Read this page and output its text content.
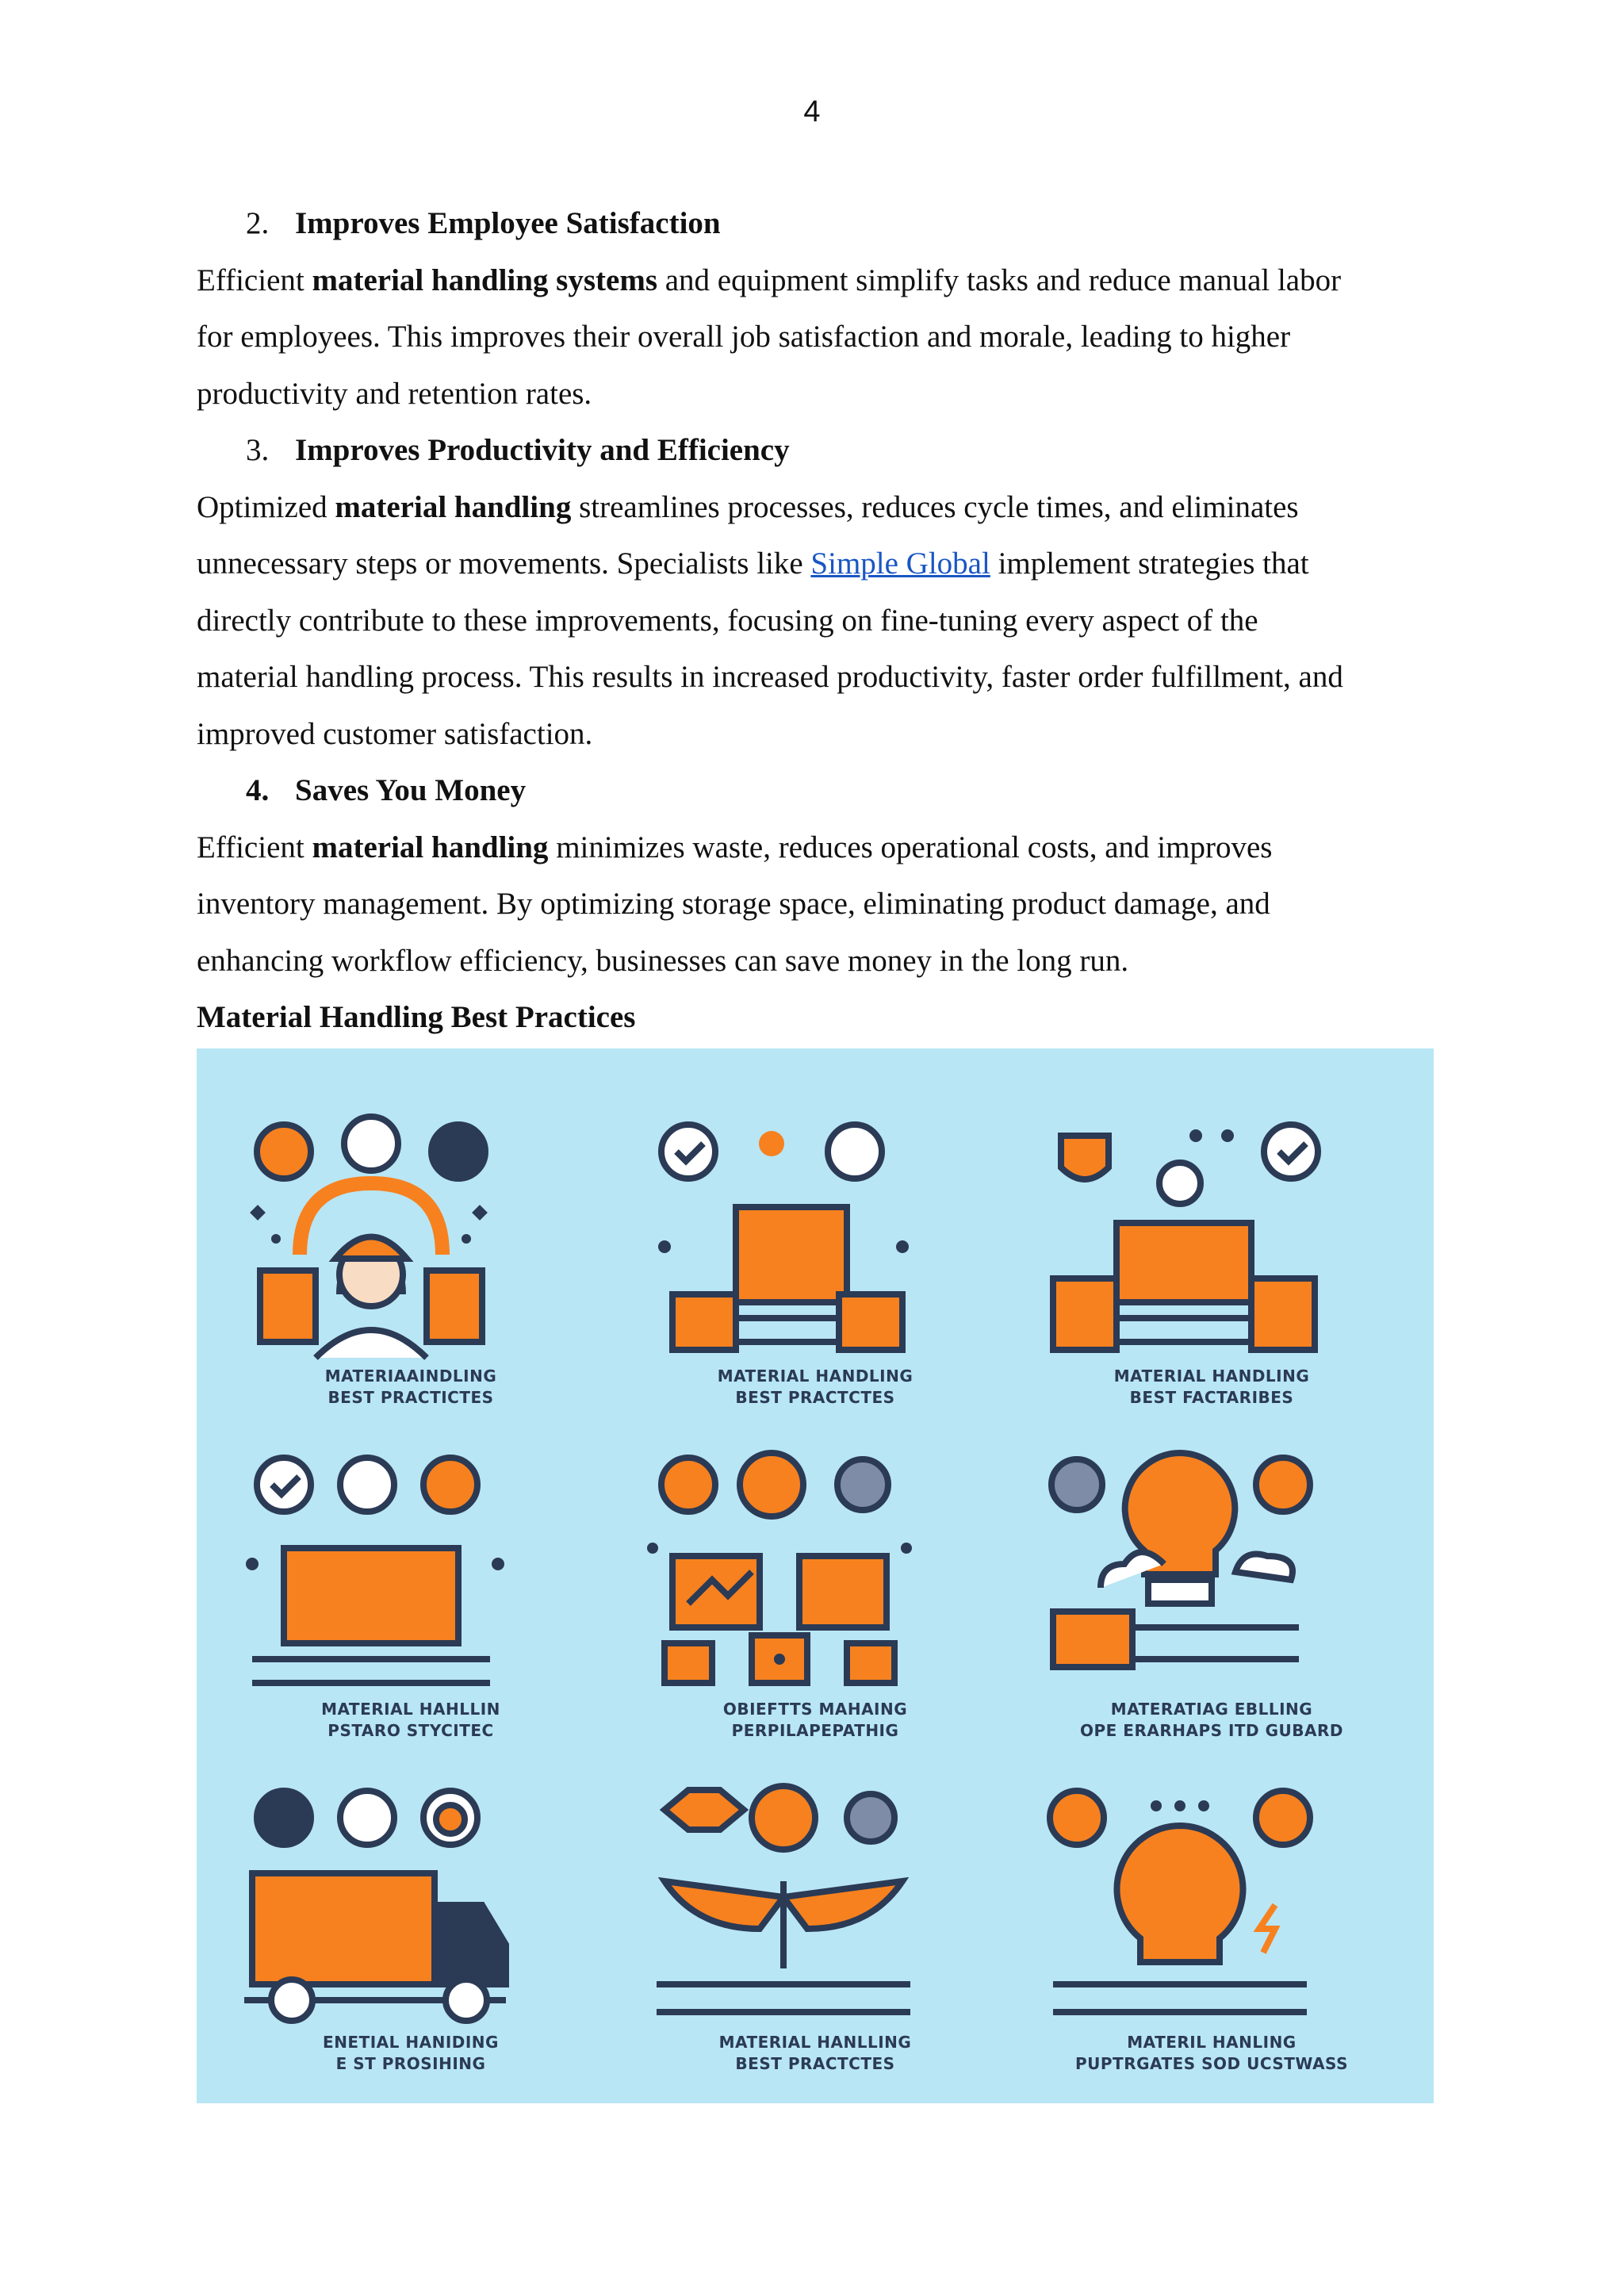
4

2. Improves Employee Satisfaction

Efficient material handling systems and equipment simplify tasks and reduce manual labor
for employees. This improves their overall job satisfaction and morale, leading to higher
productivity and retention rates.

3. Improves Productivity and Efficiency

Optimized material handling streamlines processes, reduces cycle times, and eliminates
unnecessary steps or movements. Specialists like Simple Global implement strategies that
directly contribute to these improvements, focusing on fine-tuning every aspect of the
material handling process. This results in increased productivity, faster order fulfillment, and
improved customer satisfaction.

4. Saves You Money

Efficient material handling minimizes waste, reduces operational costs, and improves
inventory management. By optimizing storage space, eliminating product damage, and
enhancing workflow efficiency, businesses can save money in the long run.

Material Handling Best Practices

MATERIAAINDLING
BEST PRACTICTES
MATERIAL HANDLING
BEST PRACTCTES
MATERIAL HANDLING
BEST FACTARIBES
MATERIAL HAHLLIN
PSTARO STYCITEC
OBIEFTTS MAHAING
PERPILAPEPATHIG
MATERATIAG EBLLING
OPE ERARHAPS ITD GUBARD
ENETIAL HANIDING
E ST PROSIHING
MATERIAL HANLLING
BEST PRACTCTES
MATERIL HANLING
PUPTRGATES SOD UCSTWASS
